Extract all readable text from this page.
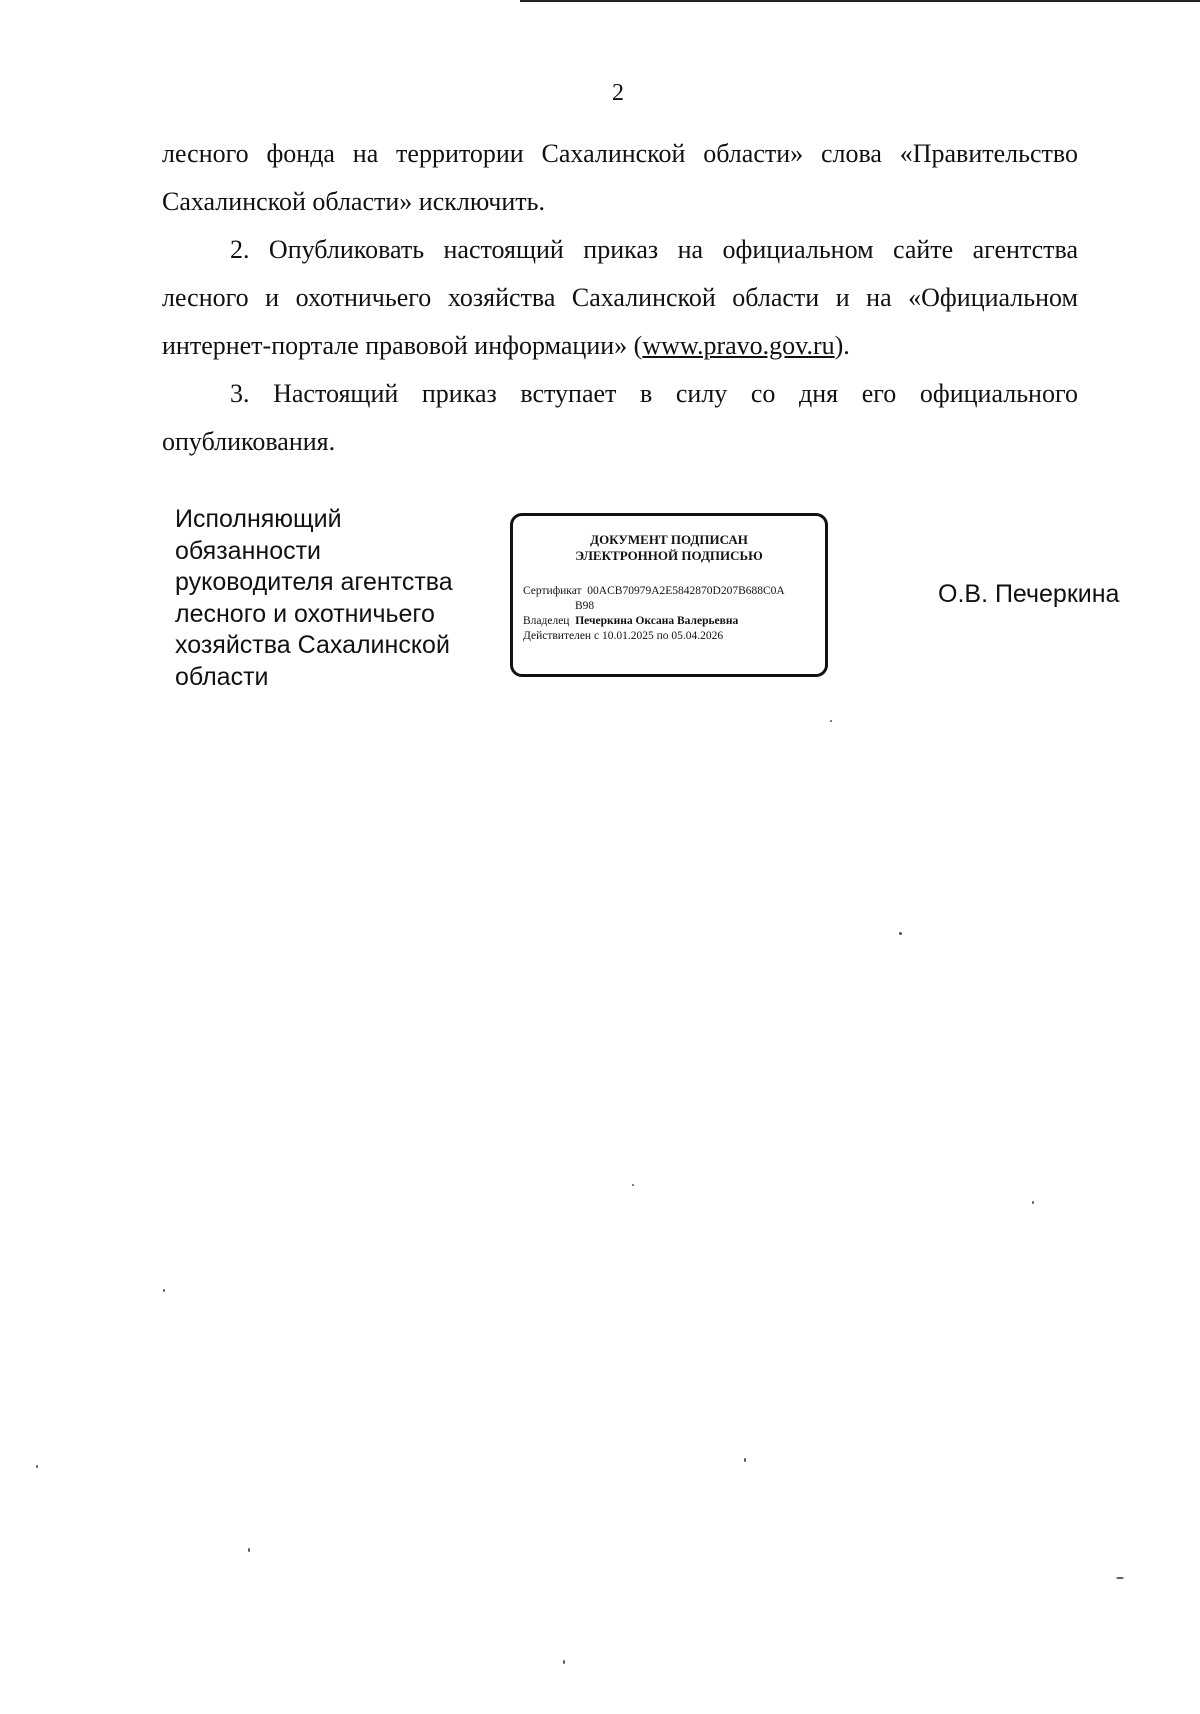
2

лесного фонда на территории Сахалинской области» слова «Правительство

Сахалинской области» исключить.

2. Опубликовать настоящий приказ на официальном сайте агентства лесного и охотничьего хозяйства Сахалинской области и на «Официальном интернет-портале правовой информации» (www.pravo.gov.ru).

3. Настоящий приказ вступает в силу со дня его официального опубликования.

Исполняющий
обязанности
руководителя агентства
лесного и охотничьего
хозяйства Сахалинской
области
ДОКУМЕНТ ПОДПИСАН
ЭЛЕКТРОННОЙ ПОДПИСЬЮ
Сертификат 00ACB70979A2E5842870D207B688C0A
B98
Владелец Печеркина Оксана Валерьевна
Действителен с 10.01.2025 по 05.04.2026
О.В. Печеркина
